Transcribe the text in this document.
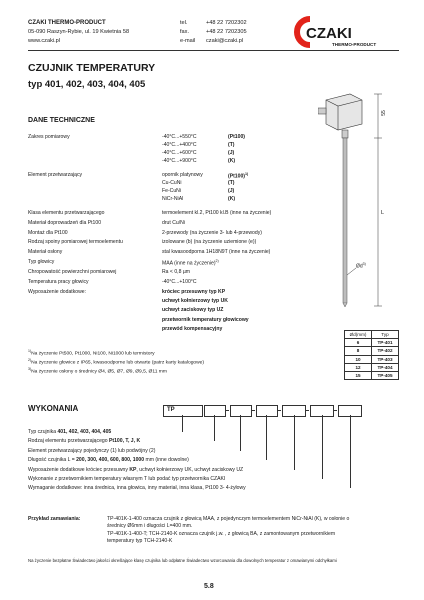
CZAKI THERMO-PRODUCT
05-090 Raszyn-Rybie, ul. 19 Kwietnia 58
www.czaki.pl
tel.	+48 22 7202302
fax.	+48 22 7202305
e-mail czaki@czaki.pl	CZAKI
THERMO-PRODUCT
CZUJNIK TEMPERATURY
typ 401, 402, 403, 404, 405
DANE TECHNICZNE
Zakres pomiarowy	-40°C...+550°C	(Pt100)
-40°C...+400°C	(T)
-40°C...+600°C	(J)
-40°C...+900°C	(K)
Element przetwarzający	opornik platynowy	$(Pt100)^{1)}$
Cu-CuNi	(T)
Fe-CuNi	(J)
NiCr-NiAl	(K)
Klasa elementu przetwarzającego	termoelement kl.2, Pt100 kl.B (inne na życzenie)
Materiał doprowadzeń dla Pt100	drut Cu/Ni
Montaż dla Pt100	2-przewody (na życzenie 3- lub 4-przewody)
Rodzaj spoiny pomiarowej termoelementu	izolowane (b) (na życzenie uziemione (e))
Materiał osłony	stal kwasoodporna 1H18N9T (inne na życzenie)
Typ głowicy	MAA (inne na życzenie)$^{2)}$
Chropowatość powierzchni pomiarowej	Ra < 0,8 µm
Temperatura pracy głowicy	-40°C...+100°C
Wyposażenie dodatkowe:	króciec przesuwny typ KP
uchwyt kołnierzowy typ UK
uchwyt zaciskowy typ UZ
przetwornik temperatury głowicowy
przewód kompensacyjny
$^{1)}$Na życzenie Pt500, Pt1000, Ni100, Ni1000 lub termistory
$^{2)}$Na życzenie głowice z IP65, kwasoodporne lub otwarte (patrz karty katalogowe)
$^{3)}$Na życzenie osłony o średnicy Ø4, Ø5, Ø7, Ø9, Ø9,5, Ø11 mm
55
L
$Ød^{3)}$
Ød(mm)	Typ
6	TP-401
8	TP-402
10	TP-403
12	TP-404
15	TP-405
WYKONANIA	TP
Typ czujnika 401, 402, 403, 404, 405
Rodzaj elementu przetwarzającego Pt100, T, J, K
Element przetwarzający pojedynczy (1) lub podwójny (2)
Długość czujnika L = 200, 300, 400, 600, 800, 1000 mm (inne dowolne)
Wyposażenie dodatkowe króciec przesuwny KP, uchwyt kołnierzowy UK, uchwyt zaciskowy UZ
Wykonanie z przetwornikiem temperatury własnym T lub podać typ przetwornika CZAKI
Wymaganie dodatkowe: inna średnica, inna głowica, inny materiał, inna klasa, Pt100 3- 4-żyłowy
Przykład zamawiania:	TP-401K-1-400 oznacza czujnik z głowicą MAA, z pojedynczym termoelementem NiCr-NiAl (K), w osłonie o
średnicy Ø6mm i długości L=400 mm.
TP-401K-1-400-T; TCH-2140-K oznacza czujnik j.w. , z głowicą BA, z zamontowanym przetwornikiem
temperatury typ TCH-2140-K
Na życzenie bezpłatne Świadectwo jakości określające klasę czujnika lub odpłatne Świadectwo wzorcowania dla dowolnych temperatur z omawianymi odchyłkami
5.8
